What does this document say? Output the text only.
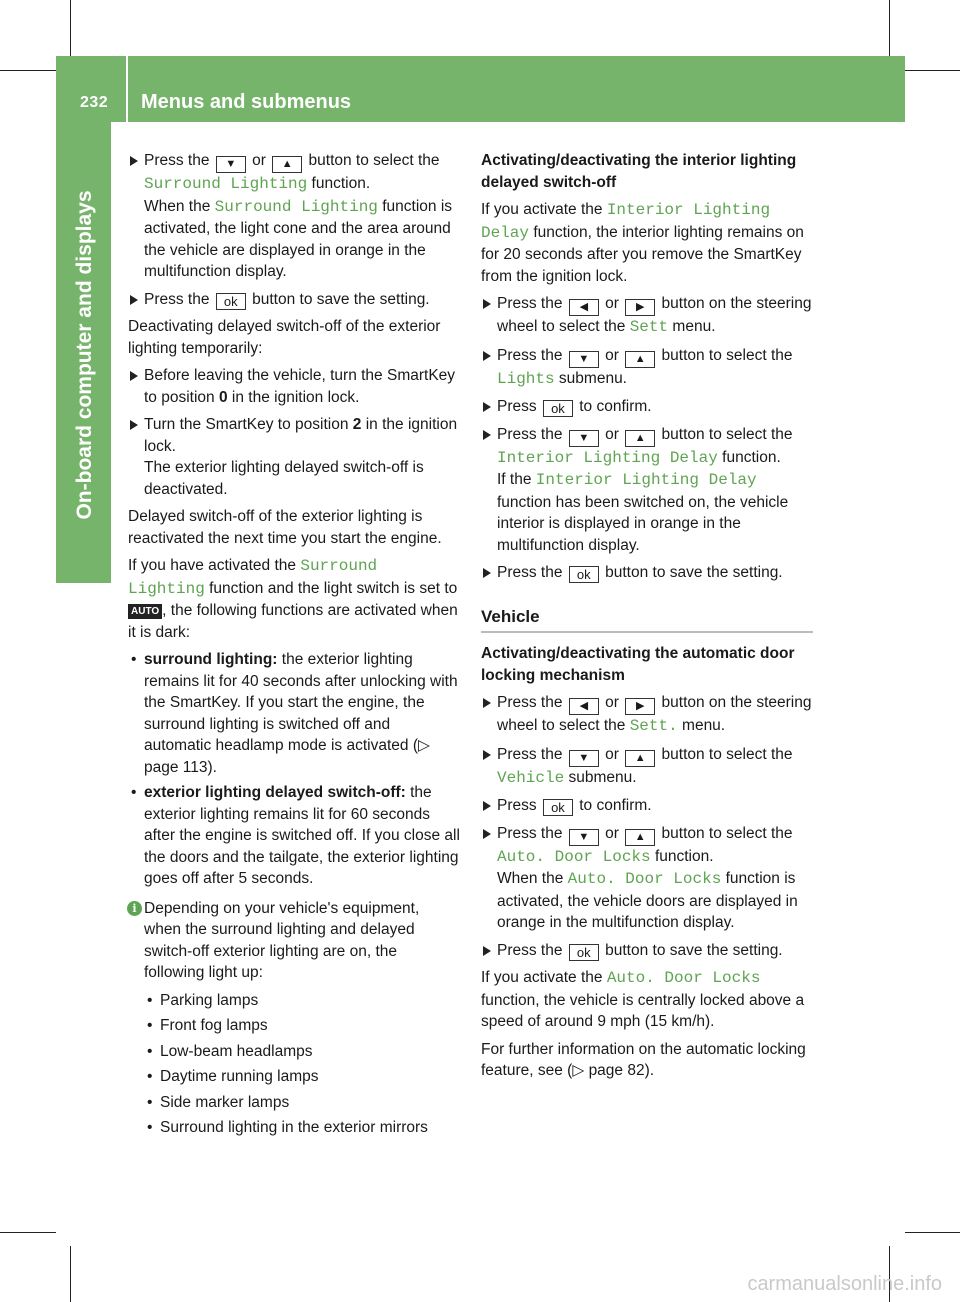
232 Menus and submenus
On-board computer and displays
Press the ▼ or ▲ button to select the Surround Lighting function.
When the Surround Lighting function is activated, the light cone and the area around the vehicle are displayed in orange in the multifunction display.
Press the ok button to save the setting.

Deactivating delayed switch-off of the exterior lighting temporarily:

Before leaving the vehicle, turn the SmartKey to position 0 in the ignition lock.
Turn the SmartKey to position 2 in the ignition lock.
The exterior lighting delayed switch-off is deactivated.

Delayed switch-off of the exterior lighting is reactivated the next time you start the engine.

If you have activated the Surround Lighting function and the light switch is set to AUTO , the following functions are activated when it is dark:

• surround lighting: the exterior lighting remains lit for 40 seconds after unlocking with the SmartKey. If you start the engine, the surround lighting is switched off and automatic headlamp mode is activated (▷ page 113).
• exterior lighting delayed switch-off: the exterior lighting remains lit for 60 seconds after the engine is switched off. If you close all the doors and the tailgate, the exterior lighting goes off after 5 seconds.
i Depending on your vehicle's equipment, when the surround lighting and delayed switch-off exterior lighting are on, the following light up:
• Parking lamps
• Front fog lamps
• Low-beam headlamps
• Daytime running lamps
• Side marker lamps
• Surround lighting in the exterior mirrors
Activating/deactivating the interior lighting delayed switch-off

If you activate the Interior Lighting Delay function, the interior lighting remains on for 20 seconds after you remove the SmartKey from the ignition lock.

Press the ◀ or ▶ button on the steering wheel to select the Sett menu.
Press the ▼ or ▲ button to select the Lights submenu.
Press ok to confirm.
Press the ▼ or ▲ button to select the Interior Lighting Delay function.
If the Interior Lighting Delay function has been switched on, the vehicle interior is displayed in orange in the multifunction display.
Press the ok button to save the setting.
Vehicle
Activating/deactivating the automatic door locking mechanism
Press the ◀ or ▶ button on the steering wheel to select the Sett. menu.
Press the ▼ or ▲ button to select the Vehicle submenu.
Press ok to confirm.
Press the ▼ or ▲ button to select the Auto. Door Locks function.
When the Auto. Door Locks function is activated, the vehicle doors are displayed in orange in the multifunction display.
Press the ok button to save the setting.

If you activate the Auto. Door Locks function, the vehicle is centrally locked above a speed of around 9 mph (15 km/h).

For further information on the automatic locking feature, see (▷ page 82).

carmanualsonline.info
